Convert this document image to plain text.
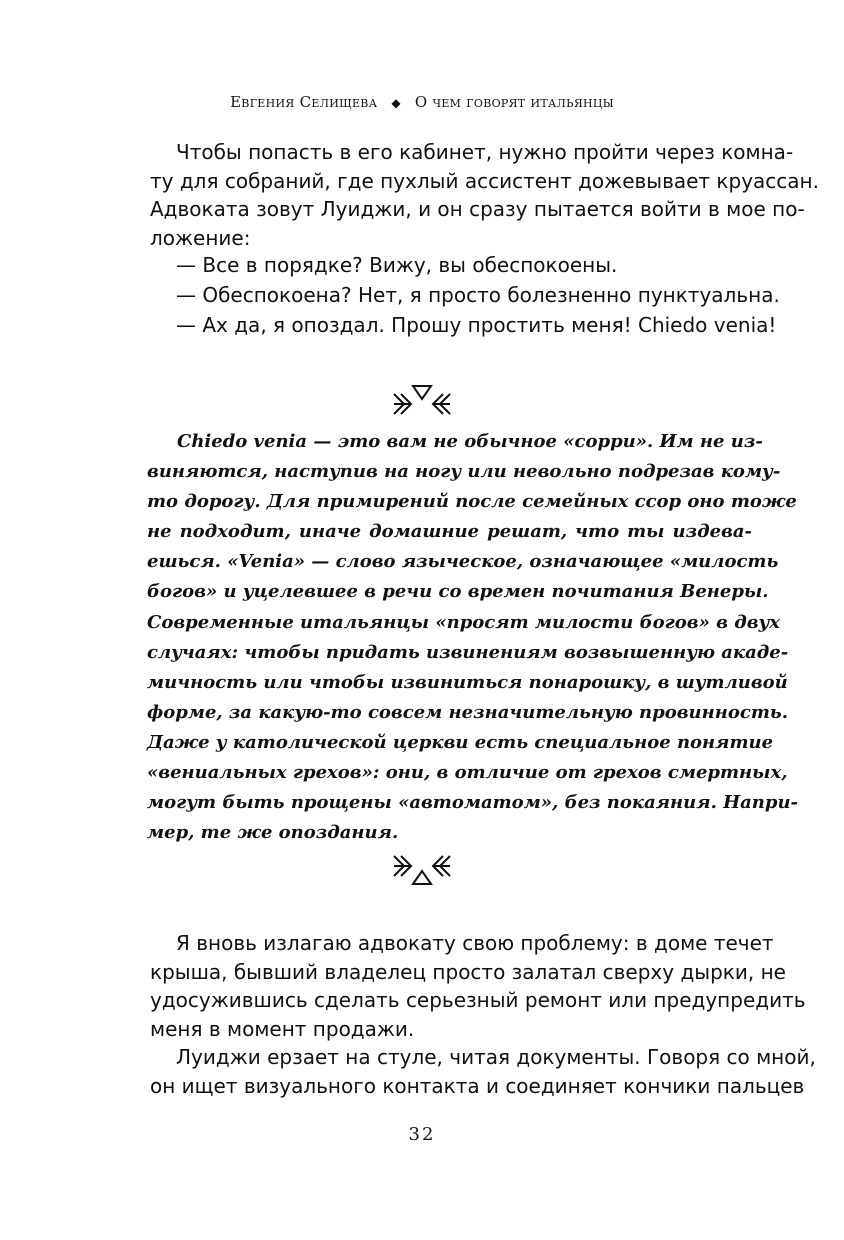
Евгения Селищева ◆ О чем говорят итальянцы
Чтобы попасть в его кабинет, нужно пройти через комна-
ту для собраний, где пухлый ассистент дожевывает круассан.
Адвоката зовут Луиджи, и он сразу пытается войти в мое по-
ложение:
— Все в порядке? Вижу, вы обеспокоены.
— Обеспокоена? Нет, я просто болезненно пунктуальна.
— Ах да, я опоздал. Прошу простить меня! Chiedo venia!
Chiedo venia — это вам не обычное «сорри». Им не из-
виняются, наступив на ногу или невольно подрезав кому-
то дорогу. Для примирений после семейных ссор оно тоже
не подходит, иначе домашние решат, что ты издева-
ешься. «Venia» — слово языческое, означающее «милость
богов» и уцелевшее в речи со времен почитания Венеры.
Современные итальянцы «просят милости богов» в двух
случаях: чтобы придать извинениям возвышенную акаде-
мичность или чтобы извиниться понарошку, в шутливой
форме, за какую-то совсем незначительную провинность.
Даже у католической церкви есть специальное понятие
«вениальных грехов»: они, в отличие от грехов смертных,
могут быть прощены «автоматом», без покаяния. Напри-
мер, те же опоздания.
Я вновь излагаю адвокату свою проблему: в доме течет
крыша, бывший владелец просто залатал сверху дырки, не
удосужившись сделать серьезный ремонт или предупредить
меня в момент продажи.
Луиджи ерзает на стуле, читая документы. Говоря со мной,
он ищет визуального контакта и соединяет кончики пальцев
32
